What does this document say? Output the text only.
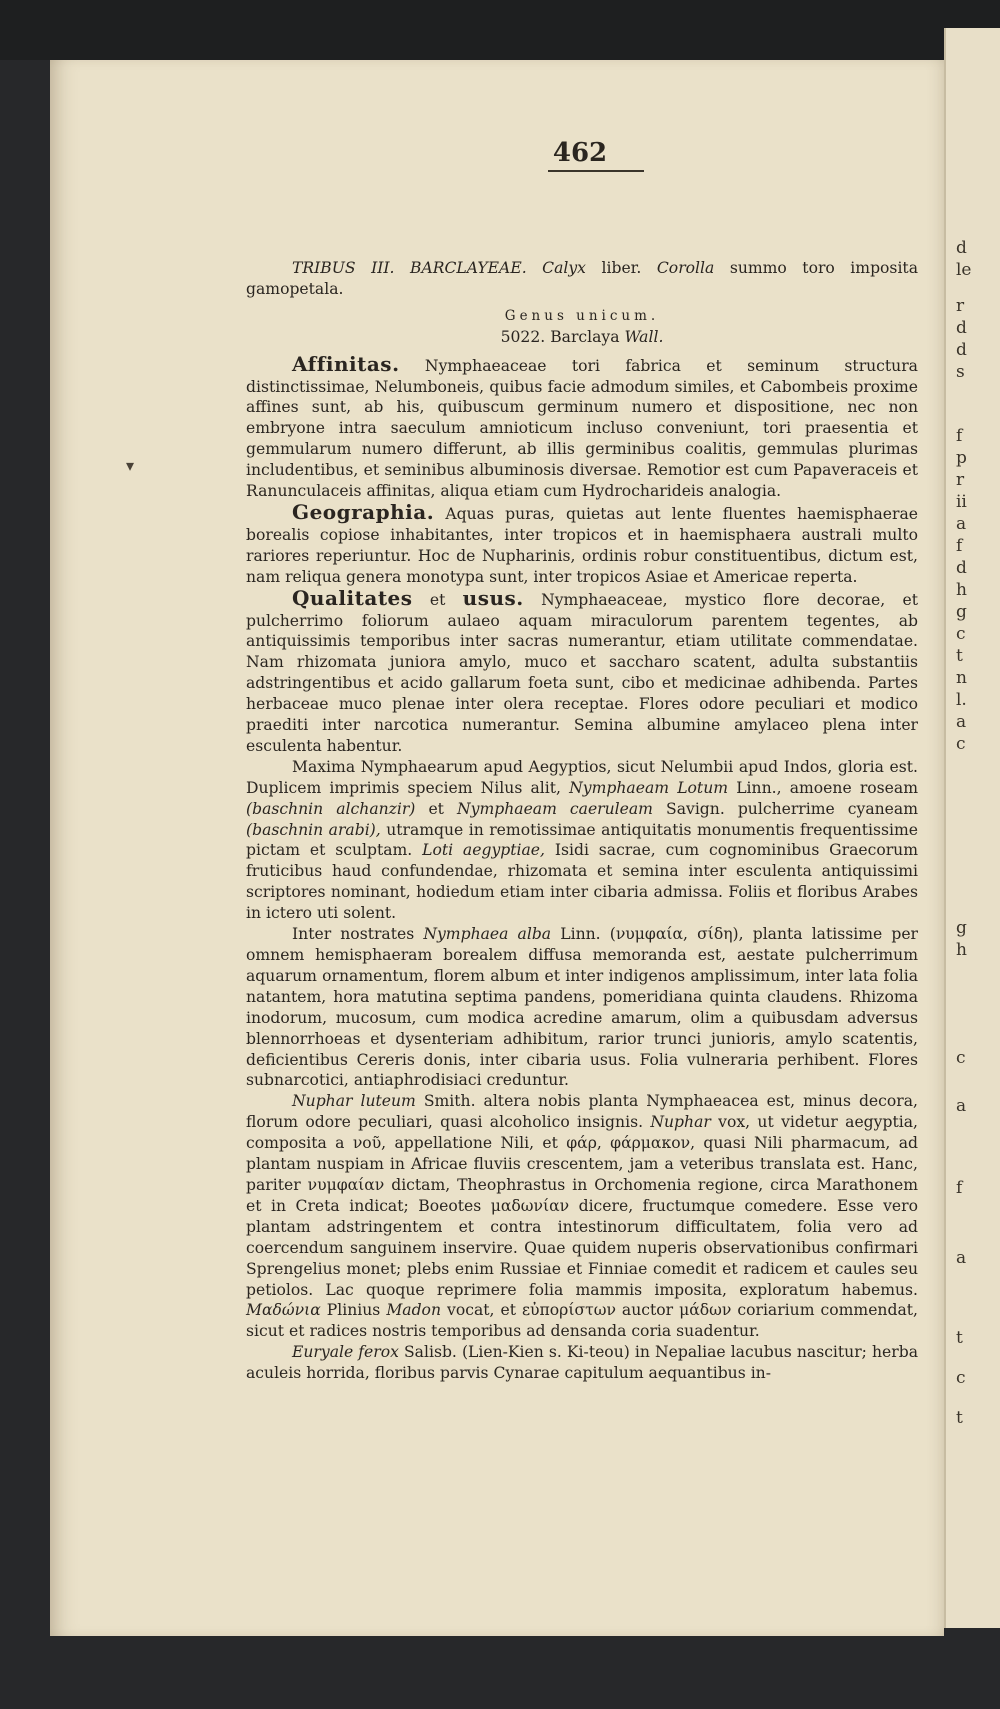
d
le
r
d
d
s
f
p
r
ii
a
f
d
h
g
c
t
n
l.
a
c
g
h
c
a
f
a
t
c
t
▾
462

TRIBUS III. BARCLAYEAE. Calyx liber. Corolla summo toro imposita gamopetala.

Genus unicum.

5022. Barclaya Wall.

Affinitas. Nymphaeaceae tori fabrica et seminum structura distinctissimae, Nelumboneis, quibus facie admodum similes, et Cabombeis proxime affines sunt, ab his, quibuscum germinum numero et dispositione, nec non embryone intra saeculum amnioticum incluso conveniunt, tori praesentia et gemmularum numero differunt, ab illis germinibus coalitis, gemmulas plurimas includentibus, et seminibus albuminosis diversae. Remotior est cum Papaveraceis et Ranunculaceis affinitas, aliqua etiam cum Hydrocharideis analogia.

Geographia. Aquas puras, quietas aut lente fluentes haemisphaerae borealis copiose inhabitantes, inter tropicos et in haemisphaera australi multo rariores reperiuntur. Hoc de Nupharinis, ordinis robur constituentibus, dictum est, nam reliqua genera monotypa sunt, inter tropicos Asiae et Americae reperta.

Qualitates et usus. Nymphaeaceae, mystico flore decorae, et pulcherrimo foliorum aulaeo aquam miraculorum parentem tegentes, ab antiquissimis temporibus inter sacras numerantur, etiam utilitate commendatae. Nam rhizomata juniora amylo, muco et saccharo scatent, adulta substantiis adstringentibus et acido gallarum foeta sunt, cibo et medicinae adhibenda. Partes herbaceae muco plenae inter olera receptae. Flores odore peculiari et modico praediti inter narcotica numerantur. Semina albumine amylaceo plena inter esculenta habentur.

Maxima Nymphaearum apud Aegyptios, sicut Nelumbii apud Indos, gloria est. Duplicem imprimis speciem Nilus alit, Nymphaeam Lotum Linn., amoene roseam (baschnin alchanzir) et Nymphaeam caeruleam Savign. pulcherrime cyaneam (baschnin arabi), utramque in remotissimae antiquitatis monumentis frequentissime pictam et sculptam. Loti aegyptiae, Isidi sacrae, cum cognominibus Graecorum fruticibus haud confundendae, rhizomata et semina inter esculenta antiquissimi scriptores nominant, hodiedum etiam inter cibaria admissa. Foliis et floribus Arabes in ictero uti solent.

Inter nostrates Nymphaea alba Linn. (νυμφαία, σίδη), planta latissime per omnem hemisphaeram borealem diffusa memoranda est, aestate pulcherrimum aquarum ornamentum, florem album et inter indigenos amplissimum, inter lata folia natantem, hora matutina septima pandens, pomeridiana quinta claudens. Rhizoma inodorum, mucosum, cum modica acredine amarum, olim a quibusdam adversus blennorrhoeas et dysenteriam adhibitum, rarior trunci junioris, amylo scatentis, deficientibus Cereris donis, inter cibaria usus. Folia vulneraria perhibent. Flores subnarcotici, antiaphrodisiaci creduntur.

Nuphar luteum Smith. altera nobis planta Nymphaeacea est, minus decora, florum odore peculiari, quasi alcoholico insignis. Nuphar vox, ut videtur aegyptia, composita a νοῦ, appellatione Nili, et φάρ, φάρμακον, quasi Nili pharmacum, ad plantam nuspiam in Africae fluviis crescentem, jam a veteribus translata est. Hanc, pariter νυμφαίαν dictam, Theophrastus in Orchomenia regione, circa Marathonem et in Creta indicat; Boeotes μαδωνίαν dicere, fructumque comedere. Esse vero plantam adstringentem et contra intestinorum difficultatem, folia vero ad coercendum sanguinem inservire. Quae quidem nuperis observationibus confirmari Sprengelius monet; plebs enim Russiae et Finniae comedit et radicem et caules seu petiolos. Lac quoque reprimere folia mammis imposita, exploratum habemus. Μαδώνια Plinius Madon vocat, et εὐπορίστων auctor μάδων coriarium commendat, sicut et radices nostris temporibus ad densanda coria suadentur.

Euryale ferox Salisb. (Lien-Kien s. Ki-teou) in Nepaliae lacubus nascitur; herba aculeis horrida, floribus parvis Cynarae capitulum aequantibus in-
